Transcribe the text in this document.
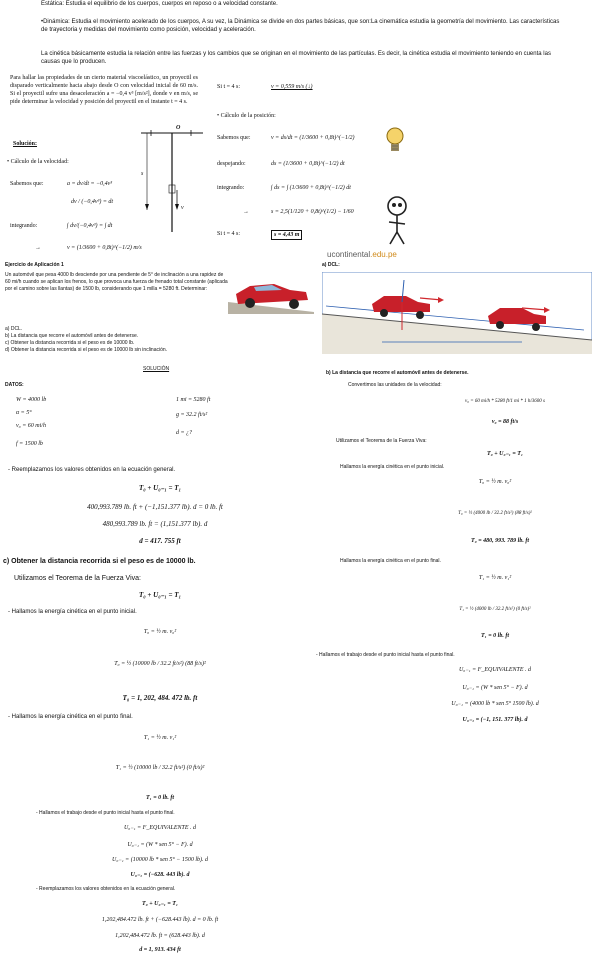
Estática: Estudia el equilibrio de los cuerpos, cuerpos en reposo o a velocidad constante.
•Dinámica: Estudia el movimiento acelerado de los cuerpos, A su vez, la Dinámica se divide en dos partes básicas, que son:La cinemática estudia la geometría del movimiento. Las características de trayectoria y medidas del movimiento como posición, velocidad y aceleración.
La cinética básicamente estudia la relación entre las fuerzas y los cambios que se originan en el movimiento de las partículas. Es decir, la cinética estudia el movimiento teniendo en cuenta las causas que lo producen.
Para hallar las propiedades de un cierto material viscoelástico, un proyectil es disparado verticalmente hacia abajo desde O con velocidad inicial de 60 m/s. Si el proyectil sufre una desaceleración a = −0,4 v³ [m/s²], donde v en m/s, se pide determinar la velocidad y posición del proyectil en el instante t = 4 s.
Solución:
O
s
v
• Cálculo de la velocidad:
Sabemos que:	a = dv/dt = −0,4v³
dv / (−0,4v³) = dt
integrando:	∫ dv/(−0,4v³) = ∫ dt
→	v = (1/3600 + 0,8t)^(−1/2) m/s
Si t = 4 s:	v = 0,559 m/s (↓)
• Cálculo de la posición:
Sabemos que:	v = ds/dt = (1/3600 + 0,8t)^(−1/2)
despejando:	ds = (1/3600 + 0,8t)^(−1/2) dt
integrando:	∫ ds = ∫ (1/3600 + 0,8t)^(−1/2) dt
→	s = 2,5(1/120 + 0,8t)^(1/2) − 1/60
Si t = 4 s:	s = 4,43 m
ucontinental.edu.pe
Ejercicio de Aplicación 1
Un automóvil que pesa 4000 lb desciende por una pendiente de 5° de inclinación a una rapidez de 60 mi/h cuando se aplican los frenos, lo que provoca una fuerza de frenado total constante (aplicada por el camino sobre las llantas) de 1500 lb, considerando que 1 milla = 5280 ft. Determinar:
a) DCL.
b) La distancia que recorre el automóvil antes de detenerse.
c) Obtener la distancia recorrida si el peso es de 10000 lb.
d) Obtener la distancia recorrida si el peso es de 10000 lb sin inclinación.
SOLUCIÓN
DATOS:
W = 4000 lb
α = 5°
v₀ = 60 mi/h
f = 1500 lb
1 mi = 5280 ft
g = 32.2 ft/s²
d = ¿?
- Reemplazamos los valores obtenidos en la ecuación general.
T₀ + U₀₋₁ = T₁
400,993.789 lb. ft + (−1,151.377 lb). d = 0 lb. ft
480,993.789 lb. ft = (1,151.377 lb). d
d = 417. 755 ft
a) DCL:
b) La distancia que recorre el automóvil antes de detenerse.
Convertimos las unidades de la velocidad:
v₀ = 60 mi/h * 5280 ft/1 mi * 1 h/3600 s
v₀ = 88 ft/s
Utilizamos el Teorema de la Fuerza Viva:
T₀ + U₀₋₁ = T₁
Hallamos la energía cinética en el punto inicial.
T₀ = ½ m. v₀²
T₀ = ½ (4000 lb / 32.2 ft/s²) (88 ft/s)²
T₀ = 480, 993. 789 lb. ft
Hallamos la energía cinética en el punto final.
T₁ = ½ m. v₁²
T₁ = ½ (4000 lb / 32.2 ft/s²) (0 ft/s)²
T₁ = 0 lb. ft
- Hallamos el trabajo desde el punto inicial hasta el punto final.
U₀₋₁ = F_EQUIVALENTE . d
U₀₋₁ = (W * sen 5° − F). d
U₀₋₁ = (4000 lb * sen 5° 1500 lb). d
U₀₋₁ = (−1, 151. 377 lb). d
c) Obtener la distancia recorrida si el peso es de 10000 lb.
Utilizamos el Teorema de la Fuerza Viva:
T₀ + U₀₋₁ = T₁
- Hallamos la energía cinética en el punto inicial.
T₀ = ½ m. v₀²
T₀ = ½ (10000 lb / 32.2 ft/s²) (88 ft/s)²
T₀ = 1, 202, 484. 472 lb. ft
- Hallamos la energía cinética en el punto final.
T₁ = ½ m. v₁²
T₁ = ½ (10000 lb / 32.2 ft/s²) (0 ft/s)²
T₁ = 0 lb. ft
- Hallamos el trabajo desde el punto inicial hasta el punto final.
U₀₋₁ = F_EQUIVALENTE . d
U₀₋₁ = (W * sen 5° − F). d
U₀₋₁ = (10000 lb * sen 5° − 1500 lb). d
U₀₋₁ = (−628. 443 lb). d
- Reemplazamos los valores obtenidos en la ecuación general.
T₀ + U₀₋₁ = T₁
1,202,484.472 lb. ft + (−628.443 lb). d = 0 lb. ft
1,202,484.472 lb. ft = (628.443 lb). d
d = 1, 913. 434 ft
